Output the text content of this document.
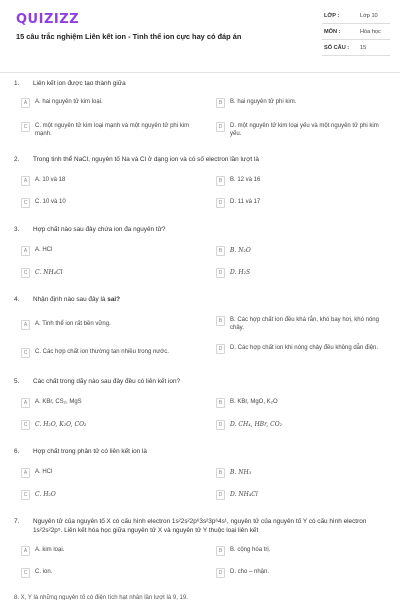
QUIZIZZ
15 câu trắc nghiệm Liên kết ion - Tinh thể ion cực hay có đáp án
LỚP :	Lớp 10
MÔN :	Hóa học
SỐ CÂU : 15
1. Liên kết ion được tạo thành giữa
A	A. hai nguyên tử kim loại.	B	B. hai nguyên tử phi kim.
C	C. một nguyên tử kim loại mạnh và một nguyên tử phi kim mạnh.
D	D. một nguyên tử kim loại yếu và một nguyên tử phi kim yếu.
2. Trong tinh thể NaCl, nguyên tố Na và Cl ở dạng ion và có số electron lần lượt là
A	A. 10 và 18	B	B. 12 và 16
C	C. 10 và 10	D	D. 11 và 17
3. Hợp chất nào sau đây chứa ion đa nguyên tử?
A	A. HCl	B	B. N₂O
C	C. NH₄Cl	D	D. H₂S
4. Nhận định nào sau đây là sai?
A	A. Tinh thể ion rất bền vững.	B	B. Các hợp chất ion đều khá rắn, khó bay hơi, khó nóng chảy.
C	C. Các hợp chất ion thường tan nhiều trong nước.	D	D. Các hợp chất ion khi nóng chảy đều không dẫn điện.
5. Các chất trong dãy nào sau đây đều có liên kết ion?
A	A. KBr, CS₂, MgS	B	B. KBr, MgO, K₂O
C	C. H₂O, K₂O, CO₂	D	D. CH₄, HBr, CO₂
6. Hợp chất trong phân tử có liên kết ion là
A	A. HCl	B	B. NH₃
C	C. H₂O	D	D. NH₄Cl
7. Nguyên tử của nguyên tố X có cấu hình electron 1s²2s²2p⁶3s²3p⁶4s¹, nguyên tử của nguyên tố Y có cấu hình electron 1s²2s²2p⁵. Liên kết hóa học giữa nguyên tử X và nguyên tử Y thuộc loại liên kết
A	A. kim loại.	B	B. cộng hóa trị.
C	C. ion.	D	D. cho – nhận.
8. X, Y là những nguyên tố có điện tích hạt nhân lần lượt là 9, 19.
